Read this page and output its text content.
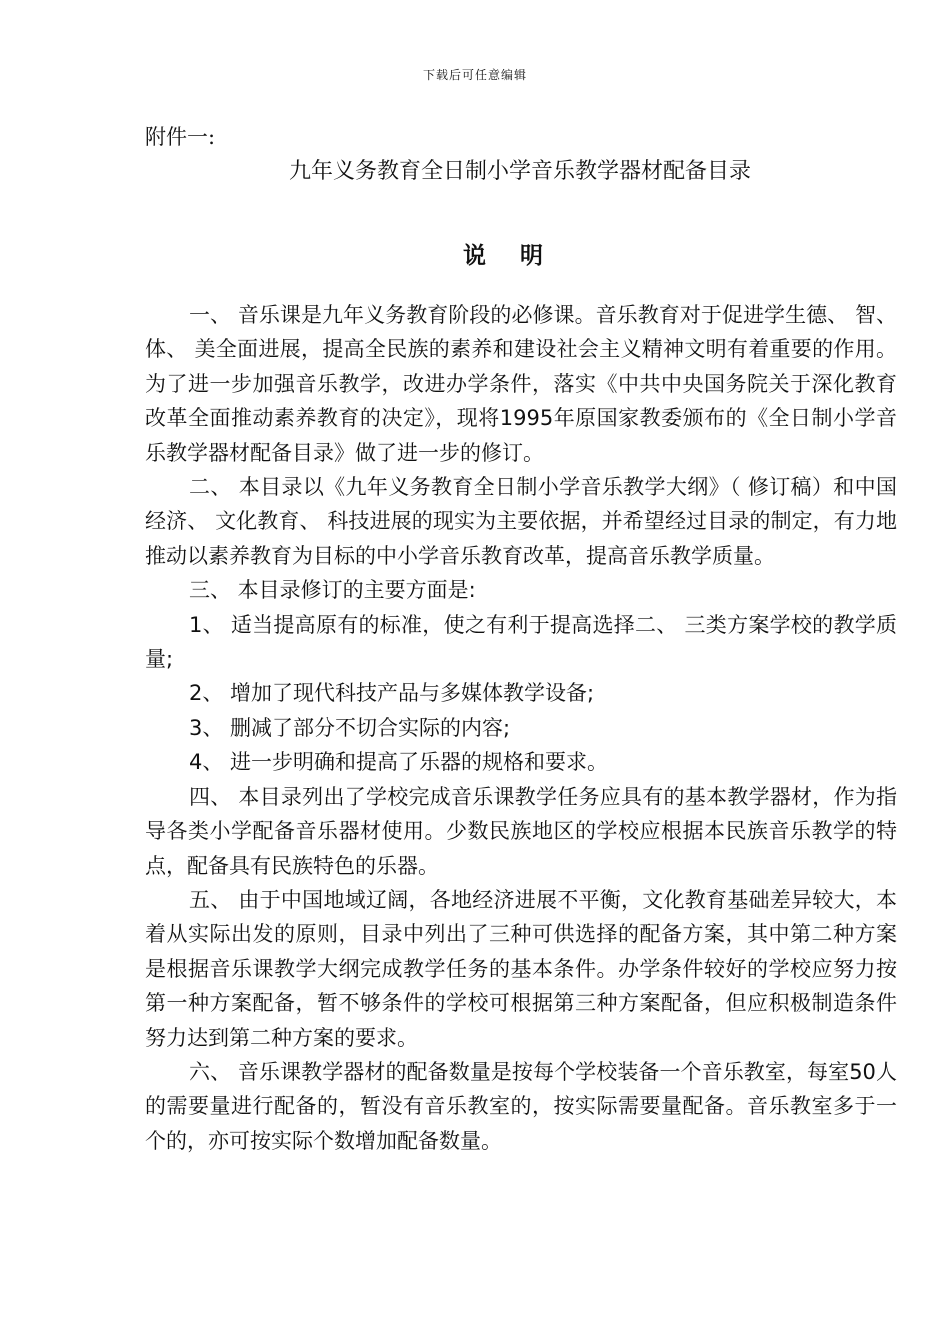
下载后可任意编辑
附件一:
九年义务教育全日制小学音乐教学器材配备目录
说明

一、 音乐课是九年义务教育阶段的必修课。音乐教育对于促进学生德、 智、 体、 美全面进展，提高全民族的素养和建设社会主义精神文明有着重要的作用。为了进一步加强音乐教学，改进办学条件，落实《中共中央国务院关于深化教育改革全面推动素养教育的决定》，现将1995年原国家教委颁布的《全日制小学音乐教学器材配备目录》做了进一步的修订。

二、 本目录以《九年义务教育全日制小学音乐教学大纲》（ 修订稿）和中国经济、 文化教育、 科技进展的现实为主要依据，并希望经过目录的制定，有力地推动以素养教育为目标的中小学音乐教育改革，提高音乐教学质量。

三、 本目录修订的主要方面是:

1、 适当提高原有的标准，使之有利于提高选择二、 三类方案学校的教学质量;

2、 增加了现代科技产品与多媒体教学设备;

3、 删减了部分不切合实际的内容;

4、 进一步明确和提高了乐器的规格和要求。

四、 本目录列出了学校完成音乐课教学任务应具有的基本教学器材，作为指导各类小学配备音乐器材使用。少数民族地区的学校应根据本民族音乐教学的特点，配备具有民族特色的乐器。

五、 由于中国地域辽阔，各地经济进展不平衡，文化教育基础差异较大，本着从实际出发的原则，目录中列出了三种可供选择的配备方案，其中第二种方案是根据音乐课教学大纲完成教学任务的基本条件。办学条件较好的学校应努力按第一种方案配备，暂不够条件的学校可根据第三种方案配备，但应积极制造条件努力达到第二种方案的要求。

六、 音乐课教学器材的配备数量是按每个学校装备一个音乐教室，每室50人的需要量进行配备的，暂没有音乐教室的，按实际需要量配备。音乐教室多于一个的，亦可按实际个数增加配备数量。
